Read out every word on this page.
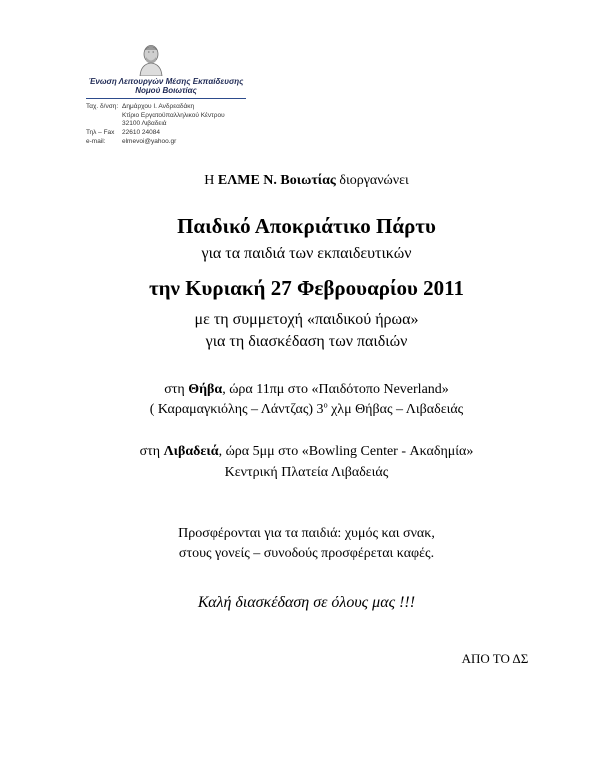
Ένωση Λειτουργών Μέσης Εκπαίδευσης
Νομού Βοιωτίας
Ταχ. δ/νση: Δημάρχου Ι. Ανδρεαδάκη
Κτίριο Εργατοϋπαλληλικού Κέντρου
32100 Λιβαδειά
Τηλ – Fax	22610 24084
e-mail:	elmevoi@yahoo.gr
Η ΕΛΜΕ Ν. Βοιωτίας διοργανώνει
Παιδικό Αποκριάτικο Πάρτυ
για τα παιδιά των εκπαιδευτικών
την Κυριακή 27 Φεβρουαρίου 2011
με τη συμμετοχή «παιδικού ήρωα»
για τη διασκέδαση των παιδιών
στη Θήβα, ώρα 11πμ στο «Παιδότοπο Neverland»
( Καραμαγκιόλης – Λάντζας) $3^o$ χλμ Θήβας – Λιβαδειάς
στη Λιβαδειά, ώρα 5μμ στο «Bowling Center - Ακαδημία»
Κεντρική Πλατεία Λιβαδειάς
Προσφέρονται για τα παιδιά: χυμός και σνακ,
στους γονείς – συνοδούς προσφέρεται καφές.
Καλή διασκέδαση σε όλους μας !!!
ΑΠΟ ΤΟ ΔΣ
